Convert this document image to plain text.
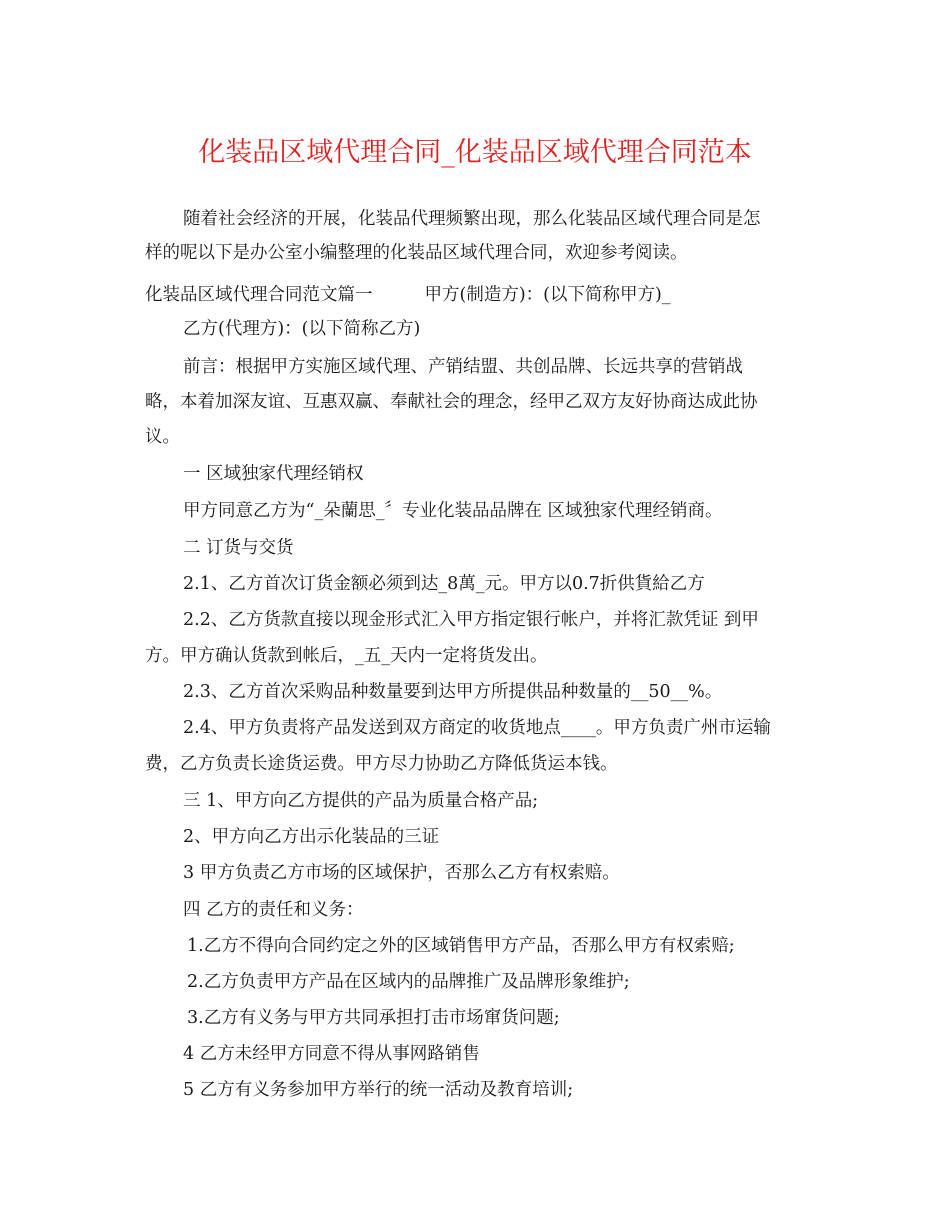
化装品区域代理合同_化装品区域代理合同范本
随着社会经济的开展，化装品代理频繁出现，那么化装品区域代理合同是怎
样的呢以下是办公室小编整理的化装品区域代理合同，欢迎参考阅读。
化装品区域代理合同范文篇一	甲方(制造方)：(以下简称甲方)_
乙方(代理方)：(以下简称乙方)
前言：根据甲方实施区域代理、产销结盟、共创品牌、长远共享的营销战
略，本着加深友谊、互惠双赢、奉献社会的理念，经甲乙双方友好协商达成此协
议。
一 区域独家代理经销权
甲方同意乙方为“_朵蘭思_〞专业化装品品牌在 区域独家代理经销商。
二 订货与交货
2.1、乙方首次订货金额必须到达_8萬_元。甲方以0.7折供貨給乙方
2.2、乙方货款直接以现金形式汇入甲方指定银行帐户，并将汇款凭证 到甲
方。甲方确认货款到帐后，_五_天内一定将货发出。
2.3、乙方首次采购品种数量要到达甲方所提供品种数量的__50__%。
2.4、甲方负责将产品发送到双方商定的收货地点____。甲方负责广州市运输
费，乙方负责长途货运费。甲方尽力协助乙方降低货运本钱。
三 1、甲方向乙方提供的产品为质量合格产品;
2、甲方向乙方出示化装品的三证
3 甲方负责乙方市场的区域保护，否那么乙方有权索赔。
四 乙方的责任和义务：
1.乙方不得向合同约定之外的区域销售甲方产品，否那么甲方有权索赔;
2.乙方负责甲方产品在区域内的品牌推广及品牌形象维护;
3.乙方有义务与甲方共同承担打击市场窜货问题;
4 乙方未经甲方同意不得从事网路销售
5 乙方有义务参加甲方举行的统一活动及教育培训;
